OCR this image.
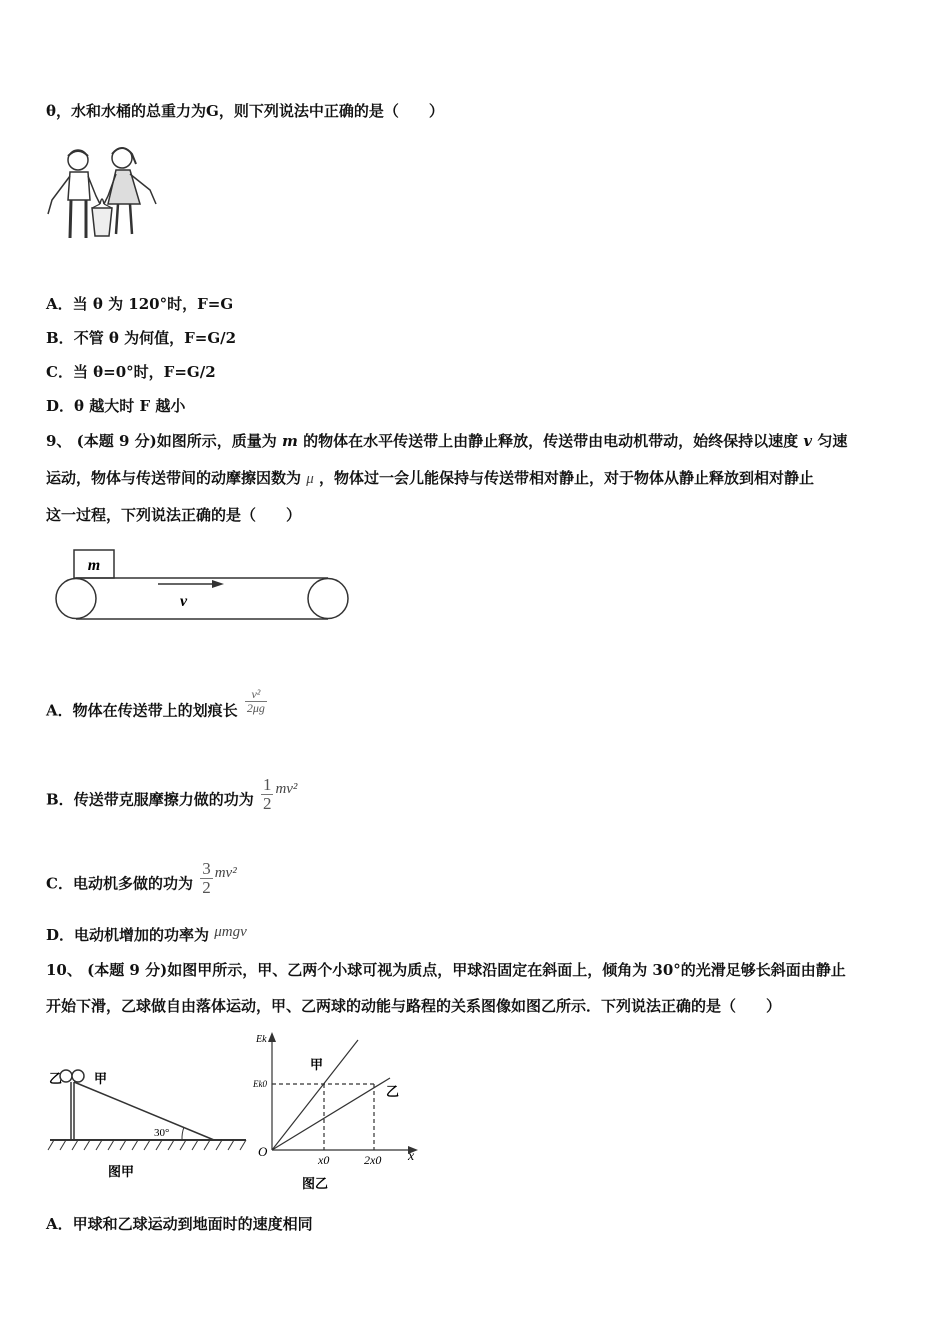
θ，水和水桶的总重力为G，则下列说法中正确的是（　　）
A．当 θ 为 120°时，F=G
B．不管 θ 为何值，F=G/2
C．当 θ=0°时，F=G/2
D．θ 越大时 F 越小
9、 (本题 9 分)如图所示，质量为 m 的物体在水平传送带上由静止释放，传送带由电动机带动，始终保持以速度 v 匀速
运动，物体与传送带间的动摩擦因数为 μ ，物体过一会儿能保持与传送带相对静止，对于物体从静止释放到相对静止
这一过程，下列说法正确的是（　　）
m
v
A．物体在传送带上的划痕长 $\frac{\text{v²}}{2\mu g}$
B．传送带克服摩擦力做的功为 $\frac{1}{2} mv^2$
C．电动机多做的功为 $\frac{3}{2} mv^2$
D．电动机增加的功率为 μmgv
10、 (本题 9 分)如图甲所示，甲、乙两个小球可视为质点，甲球沿固定在斜面上，倾角为 30°的光滑足够长斜面由静止
开始下滑，乙球做自由落体运动，甲、乙两球的动能与路程的关系图像如图乙所示．下列说法正确的是（　　）
乙 甲
30°
图甲
Ek
x
O
Ek0
x0	2x0
甲
乙
图乙
A．甲球和乙球运动到地面时的速度相同
